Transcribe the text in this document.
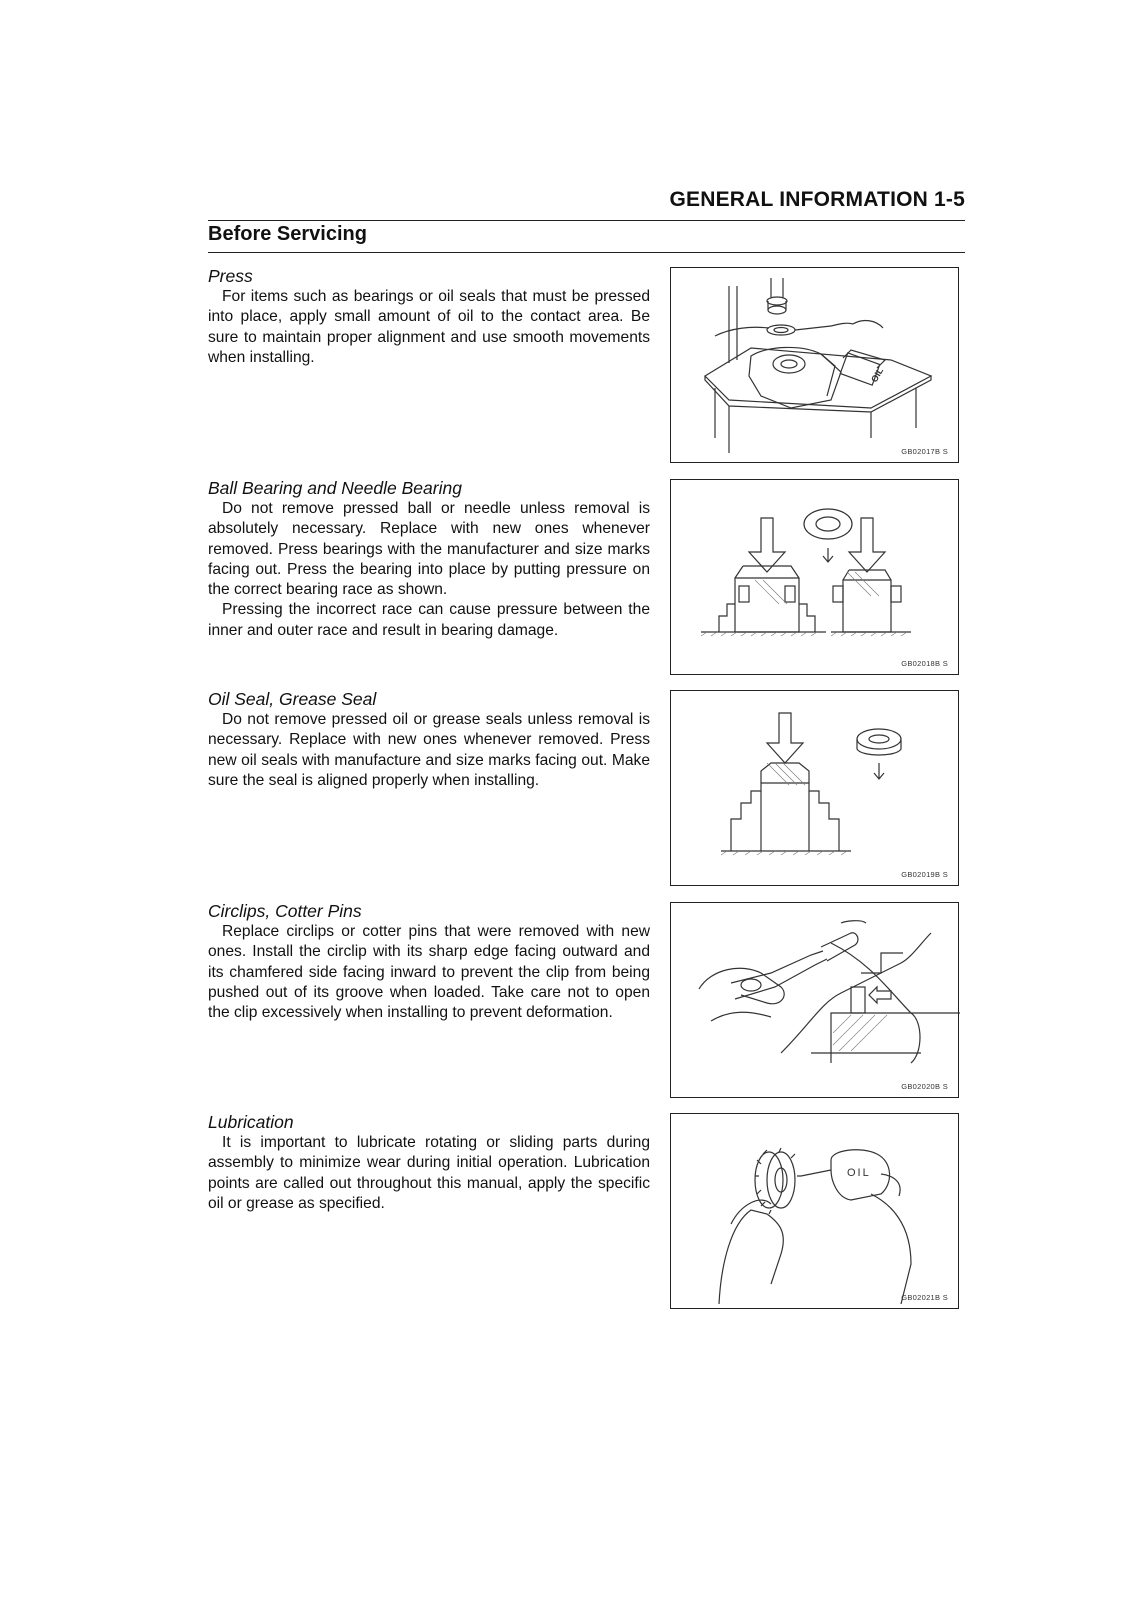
GENERAL INFORMATION 1-5
Before Servicing
Press

For items such as bearings or oil seals that must be pressed into place, apply small amount of oil to the contact area. Be sure to maintain proper alignment and use smooth movements when installing.

OIL
GB02017B S
Ball Bearing and Needle Bearing

Do not remove pressed ball or needle unless removal is absolutely necessary. Replace with new ones whenever removed. Press bearings with the manufacturer and size marks facing out. Press the bearing into place by putting pressure on the correct bearing race as shown.

Pressing the incorrect race can cause pressure between the inner and outer race and result in bearing damage.

GB02018B S
Oil Seal, Grease Seal

Do not remove pressed oil or grease seals unless removal is necessary. Replace with new ones whenever removed. Press new oil seals with manufacture and size marks facing out. Make sure the seal is aligned properly when installing.

GB02019B S
Circlips, Cotter Pins

Replace circlips or cotter pins that were removed with new ones. Install the circlip with its sharp edge facing outward and its chamfered side facing inward to prevent the clip from being pushed out of its groove when loaded. Take care not to open the clip excessively when installing to prevent deformation.

GB02020B S
Lubrication

It is important to lubricate rotating or sliding parts during assembly to minimize wear during initial operation. Lubrication points are called out throughout this manual, apply the specific oil or grease as specified.

OIL
GB02021B S
